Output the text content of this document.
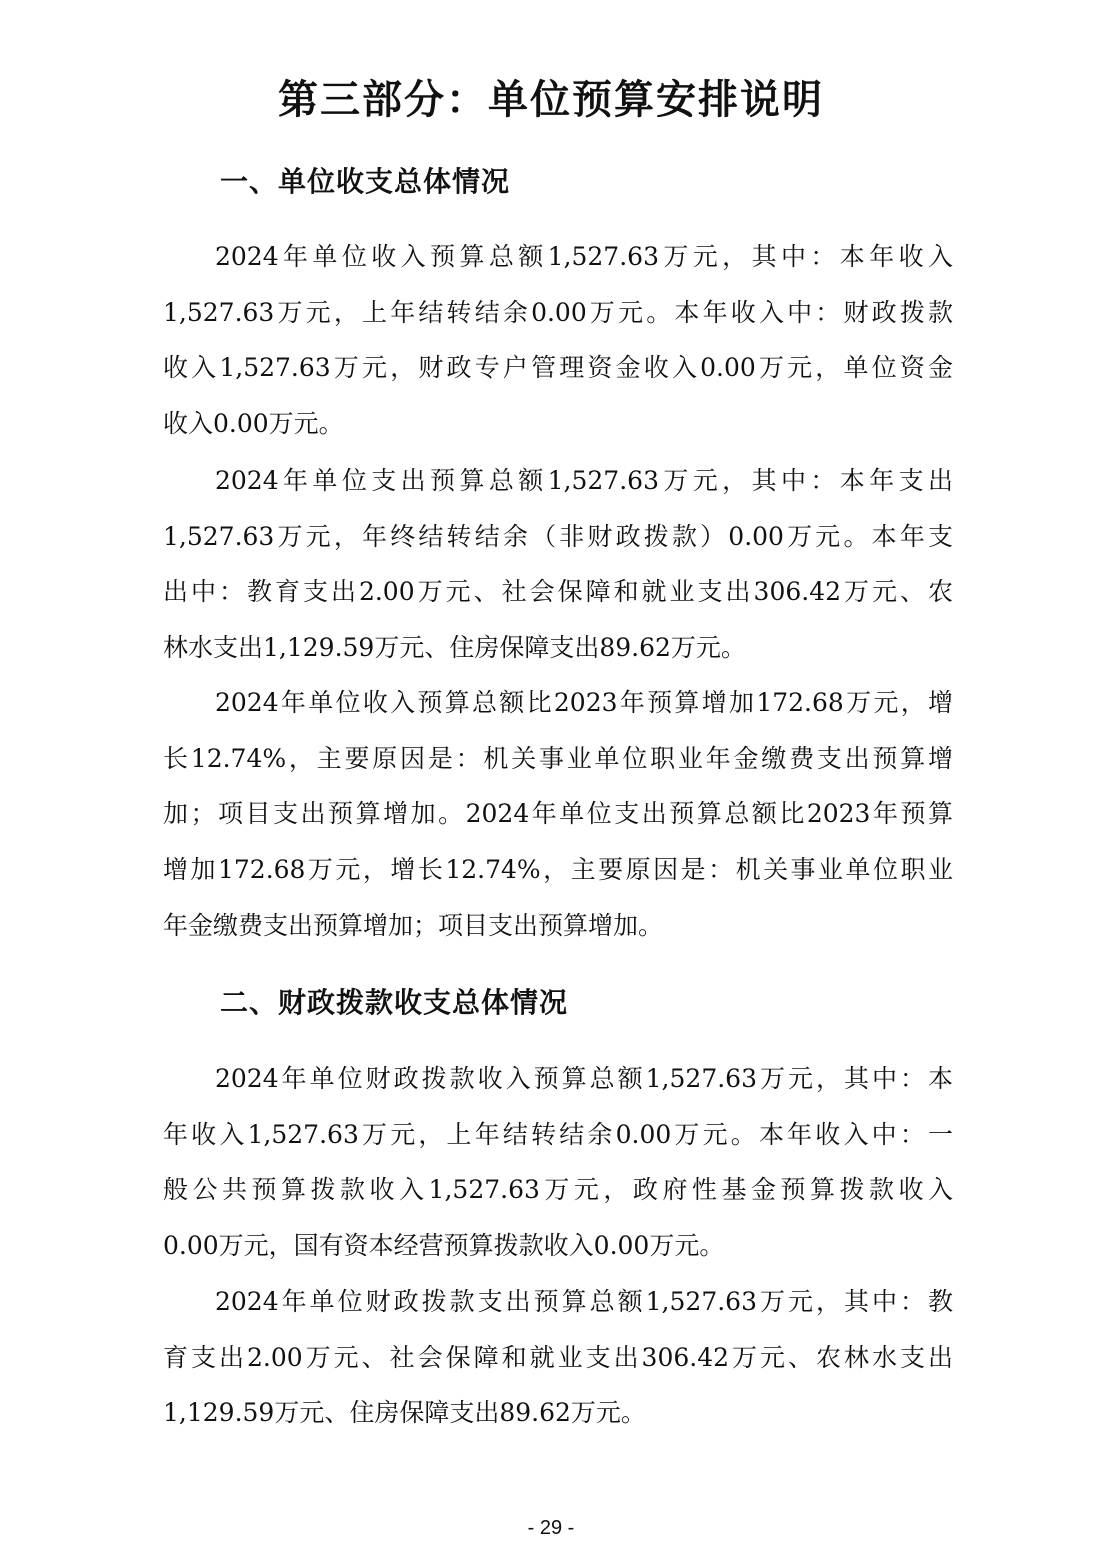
第三部分：单位预算安排说明
一、单位收支总体情况
2024年单位收入预算总额1,527.63万元，其中：本年收入
1,527.63万元，上年结转结余0.00万元。本年收入中：财政拨款
收入1,527.63万元，财政专户管理资金收入0.00万元，单位资金
收入0.00万元。
2024年单位支出预算总额1,527.63万元，其中：本年支出
1,527.63万元，年终结转结余（非财政拨款）0.00万元。本年支
出中：教育支出2.00万元、社会保障和就业支出306.42万元、农
林水支出1,129.59万元、住房保障支出89.62万元。
2024年单位收入预算总额比2023年预算增加172.68万元，增
长12.74%，主要原因是：机关事业单位职业年金缴费支出预算增
加；项目支出预算增加。2024年单位支出预算总额比2023年预算
增加172.68万元，增长12.74%，主要原因是：机关事业单位职业
年金缴费支出预算增加；项目支出预算增加。
二、财政拨款收支总体情况
2024年单位财政拨款收入预算总额1,527.63万元，其中：本
年收入1,527.63万元，上年结转结余0.00万元。本年收入中：一
般公共预算拨款收入1,527.63万元，政府性基金预算拨款收入
0.00万元，国有资本经营预算拨款收入0.00万元。
2024年单位财政拨款支出预算总额1,527.63万元，其中：教
育支出2.00万元、社会保障和就业支出306.42万元、农林水支出
1,129.59万元、住房保障支出89.62万元。
- 29 -
